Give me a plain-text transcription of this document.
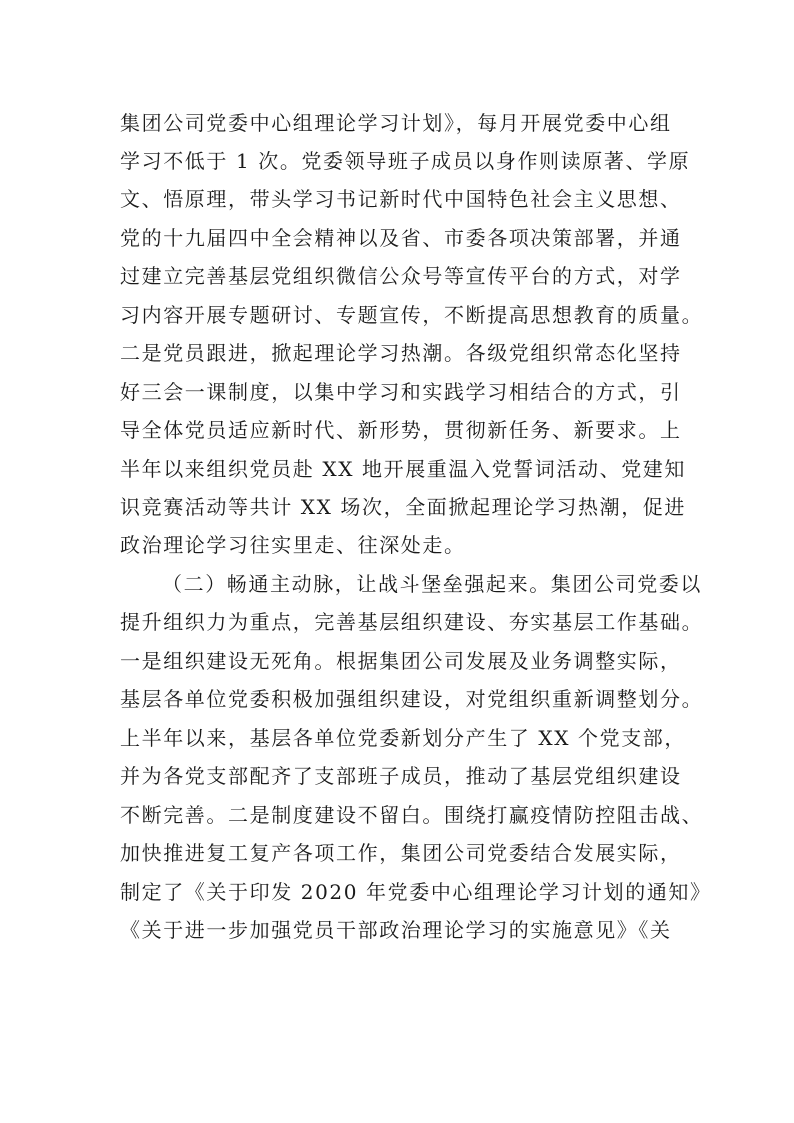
集团公司党委中心组理论学习计划》，每月开展党委中心组
学习不低于 1 次。党委领导班子成员以身作则读原著、学原
文、悟原理，带头学习书记新时代中国特色社会主义思想、
党的十九届四中全会精神以及省、市委各项决策部署，并通
过建立完善基层党组织微信公众号等宣传平台的方式，对学
习内容开展专题研讨、专题宣传，不断提高思想教育的质量。
二是党员跟进，掀起理论学习热潮。各级党组织常态化坚持
好三会一课制度，以集中学习和实践学习相结合的方式，引
导全体党员适应新时代、新形势，贯彻新任务、新要求。上
半年以来组织党员赴 XX 地开展重温入党誓词活动、党建知
识竞赛活动等共计 XX 场次，全面掀起理论学习热潮，促进
政治理论学习往实里走、往深处走。
（二）畅通主动脉，让战斗堡垒强起来。集团公司党委以
提升组织力为重点，完善基层组织建设、夯实基层工作基础。
一是组织建设无死角。根据集团公司发展及业务调整实际，
基层各单位党委积极加强组织建设，对党组织重新调整划分。
上半年以来，基层各单位党委新划分产生了 XX 个党支部，
并为各党支部配齐了支部班子成员，推动了基层党组织建设
不断完善。二是制度建设不留白。围绕打赢疫情防控阻击战、
加快推进复工复产各项工作，集团公司党委结合发展实际，
制定了《关于印发 2020 年党委中心组理论学习计划的通知》
《关于进一步加强党员干部政治理论学习的实施意见》《关
